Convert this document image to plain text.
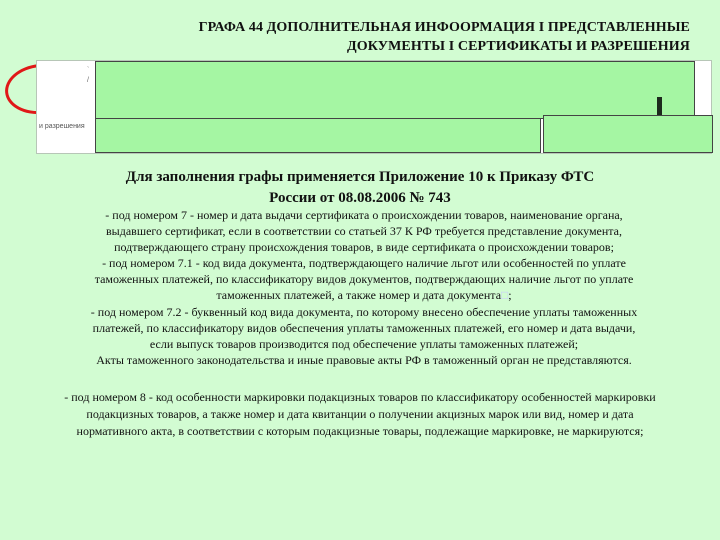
ГРАФА 44 ДОПОЛНИТЕЛЬНАЯ ИНФООРМАЦИЯ I ПРЕДСТАВЛЕННЫЕ
ДОКУМЕНТЫ I СЕРТИФИКАТЫ И РАЗРЕШЕНИЯ
`
/
и разрешения
Для заполнения графы применяется Приложение 10 к Приказу ФТС
России от 08.08.2006 № 743

- под номером 7 - номер и дата выдачи сертификата о происхождении товаров, наименование органа,

выдавшего сертификат, если в соответствии со статьей 37 К РФ требуется представление документа,

подтверждающего страну происхождения товаров, в виде сертификата о происхождении товаров;

- под номером 7.1 - код вида документа, подтверждающего наличие льгот или особенностей по уплате

таможенных платежей, по классификатору видов документов, подтверждающих наличие льгот по уплате

таможенных платежей, а также номер и дата документа□;

- под номером 7.2 - буквенный код вида документа, по которому внесено обеспечение уплаты таможенных

платежей, по классификатору видов обеспечения уплаты таможенных платежей, его номер и дата выдачи,

если выпуск товаров производится под обеспечение уплаты таможенных платежей;

Акты таможенного законодательства и иные правовые акты РФ в таможенный орган не представляются.

- под номером 8 - код особенности маркировки подакцизных товаров по классификатору особенностей маркировки

подакцизных товаров, а также номер и дата квитанции о получении акцизных марок или вид, номер и дата

нормативного акта, в соответствии с которым подакцизные товары, подлежащие маркировке, не маркируются;
